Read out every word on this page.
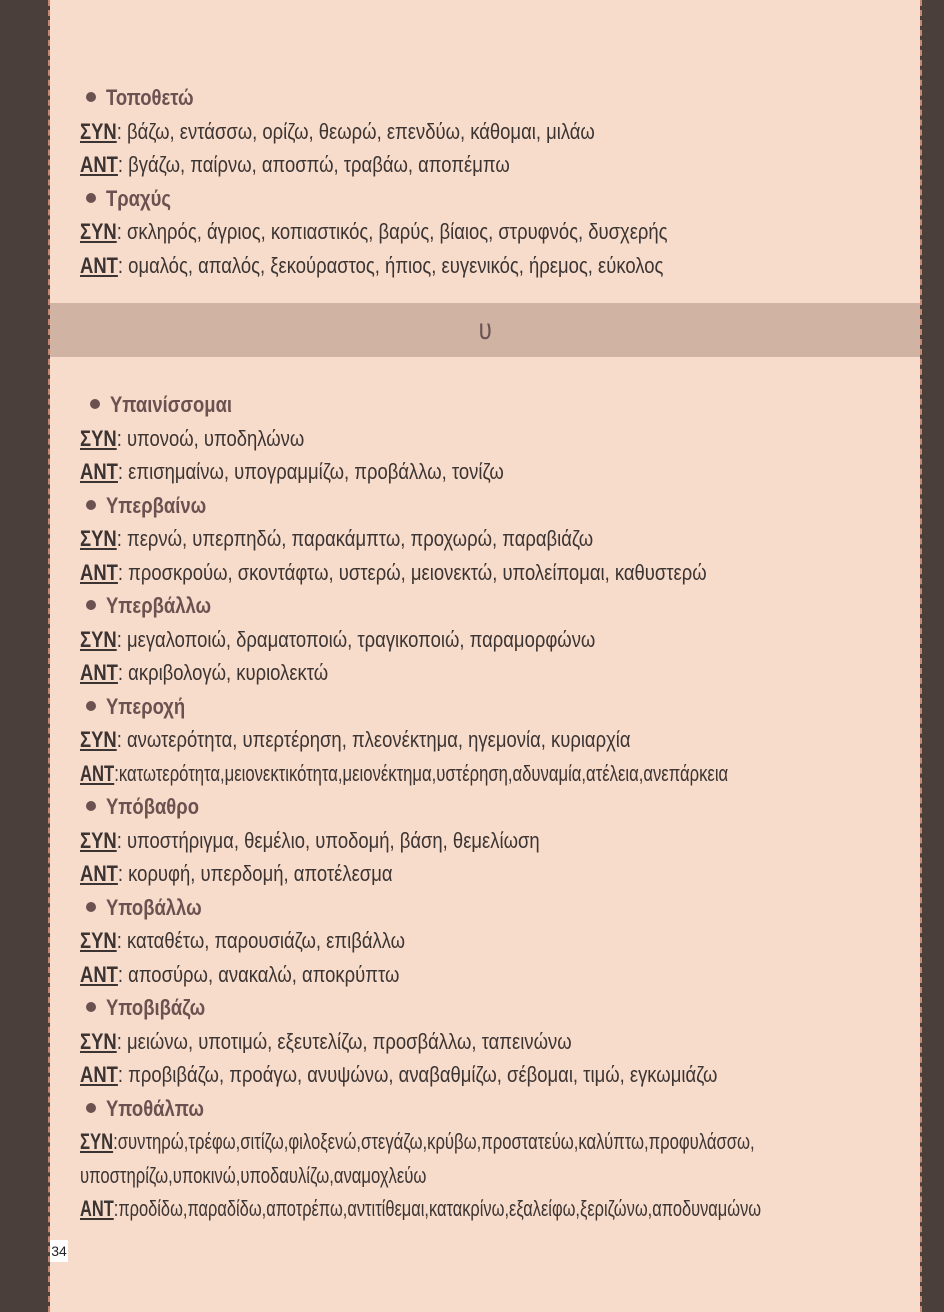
Τοποθετώ
ΣΥΝ: βάζω, εντάσσω, ορίζω, θεωρώ, επενδύω, κάθομαι, μιλάω
ΑΝΤ: βγάζω, παίρνω, αποσπώ, τραβάω, αποπέμπω
Τραχύς
ΣΥΝ: σκληρός, άγριος, κοπιαστικός, βαρύς, βίαιος, στρυφνός, δυσχερής
ΑΝΤ: ομαλός, απαλός, ξεκούραστος, ήπιος, ευγενικός, ήρεμος, εύκολος
υ
Υπαινίσσομαι
ΣΥΝ: υπονοώ, υποδηλώνω
ΑΝΤ: επισημαίνω, υπογραμμίζω, προβάλλω, τονίζω
Υπερβαίνω
ΣΥΝ: περνώ, υπερπηδώ, παρακάμπτω, προχωρώ, παραβιάζω
ΑΝΤ: προσκρούω, σκοντάφτω, υστερώ, μειονεκτώ, υπολείπομαι, καθυστερώ
Υπερβάλλω
ΣΥΝ: μεγαλοποιώ, δραματοποιώ, τραγικοποιώ, παραμορφώνω
ΑΝΤ: ακριβολογώ, κυριολεκτώ
Υπεροχή
ΣΥΝ: ανωτερότητα, υπερτέρηση, πλεονέκτημα, ηγεμονία, κυριαρχία
ΑΝΤ:κατωτερότητα,μειονεκτικότητα,μειονέκτημα,υστέρηση,αδυναμία,ατέλεια,ανεπάρκεια
Υπόβαθρο
ΣΥΝ: υποστήριγμα, θεμέλιο, υποδομή, βάση, θεμελίωση
ΑΝΤ: κορυφή, υπερδομή, αποτέλεσμα
Υποβάλλω
ΣΥΝ: καταθέτω, παρουσιάζω, επιβάλλω
ΑΝΤ: αποσύρω, ανακαλώ, αποκρύπτω
Υποβιβάζω
ΣΥΝ: μειώνω, υποτιμώ, εξευτελίζω, προσβάλλω, ταπεινώνω
ΑΝΤ: προβιβάζω, προάγω, ανυψώνω, αναβαθμίζω, σέβομαι, τιμώ, εγκωμιάζω
Υποθάλπω
ΣΥΝ:συντηρώ,τρέφω,σιτίζω,φιλοξενώ,στεγάζω,κρύβω,προστατεύω,καλύπτω,προφυλάσσω,
υποστηρίζω,υποκινώ,υποδαυλίζω,αναμοχλεύω
ΑΝΤ:προδίδω,παραδίδω,αποτρέπω,αντιτίθεμαι,κατακρίνω,εξαλείφω,ξεριζώνω,αποδυναμώνω
34
